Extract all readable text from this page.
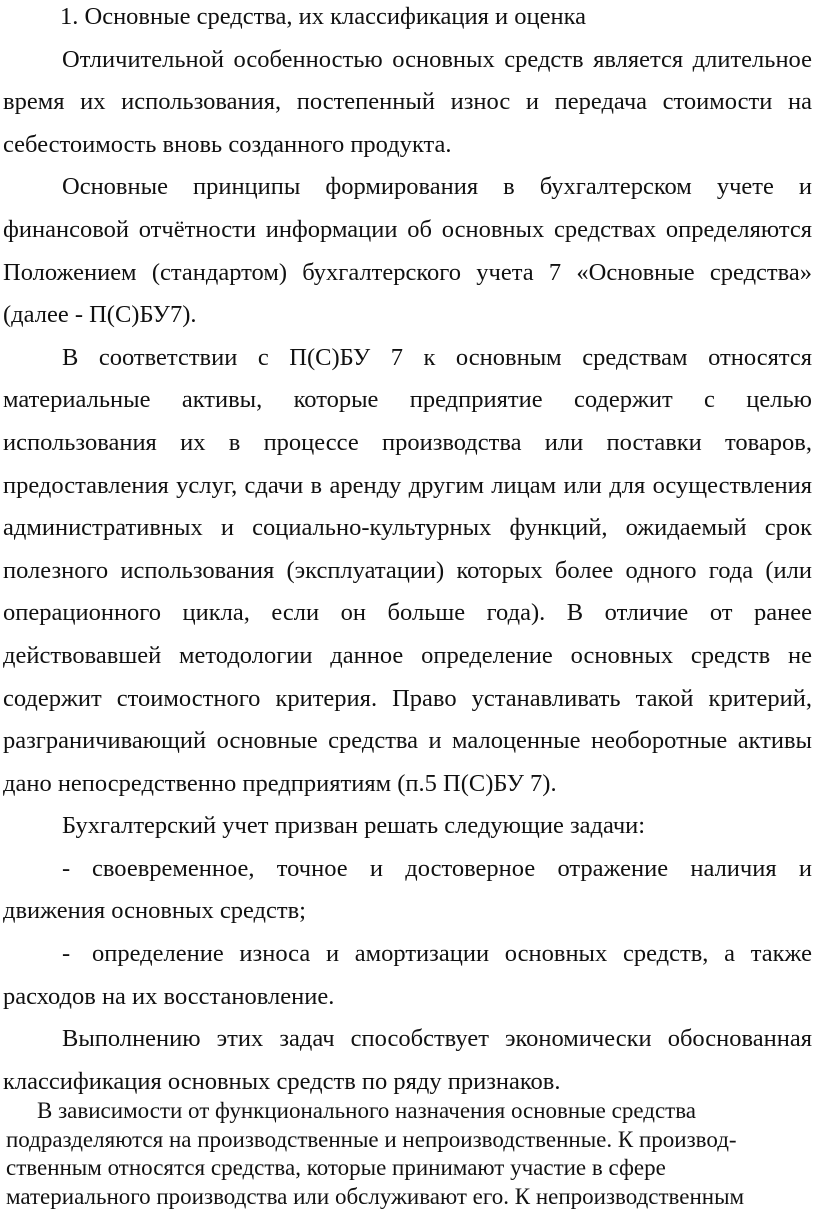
1. Основные средства, их классификация и оценка

Отличительной особенностью основных средств является длительное время их использования, постепенный износ и передача стоимости на себестоимость вновь созданного продукта.

Основные принципы формирования в бухгалтерском учете и финансовой отчётности информации об основных средствах определяются Положением (стандартом) бухгалтерского учета 7 «Основные средства» (далее - П(С)БУ7).

В соответствии с П(С)БУ 7 к основным средствам относятся материальные активы, которые предприятие содержит с целью использования их в процессе производства или поставки товаров, предоставления услуг, сдачи в аренду другим лицам или для осуществления административных и социально-культурных функций, ожидаемый срок полезного использования (эксплуатации) которых более одного года (или операционного цикла, если он больше года). В отличие от ранее действовавшей методологии данное определение основных средств не содержит стоимостного критерия. Право устанавливать такой критерий, разграничивающий основные средства и малоценные необоротные активы дано непосредственно предприятиям (п.5 П(С)БУ 7).

Бухгалтерский учет призван решать следующие задачи:

- своевременное, точное и достоверное отражение наличия и движения основных средств;

- определение износа и амортизации основных средств, а также расходов на их восстановление.

Выполнению этих задач способствует экономически обоснованная классификация основных средств по ряду признаков.

В зависимости от функционального назначения основные средства

подразделяются на производственные и непроизводственные. К производ-

ственным относятся средства, которые принимают участие в сфере

материального производства или обслуживают его. К непроизводственным
